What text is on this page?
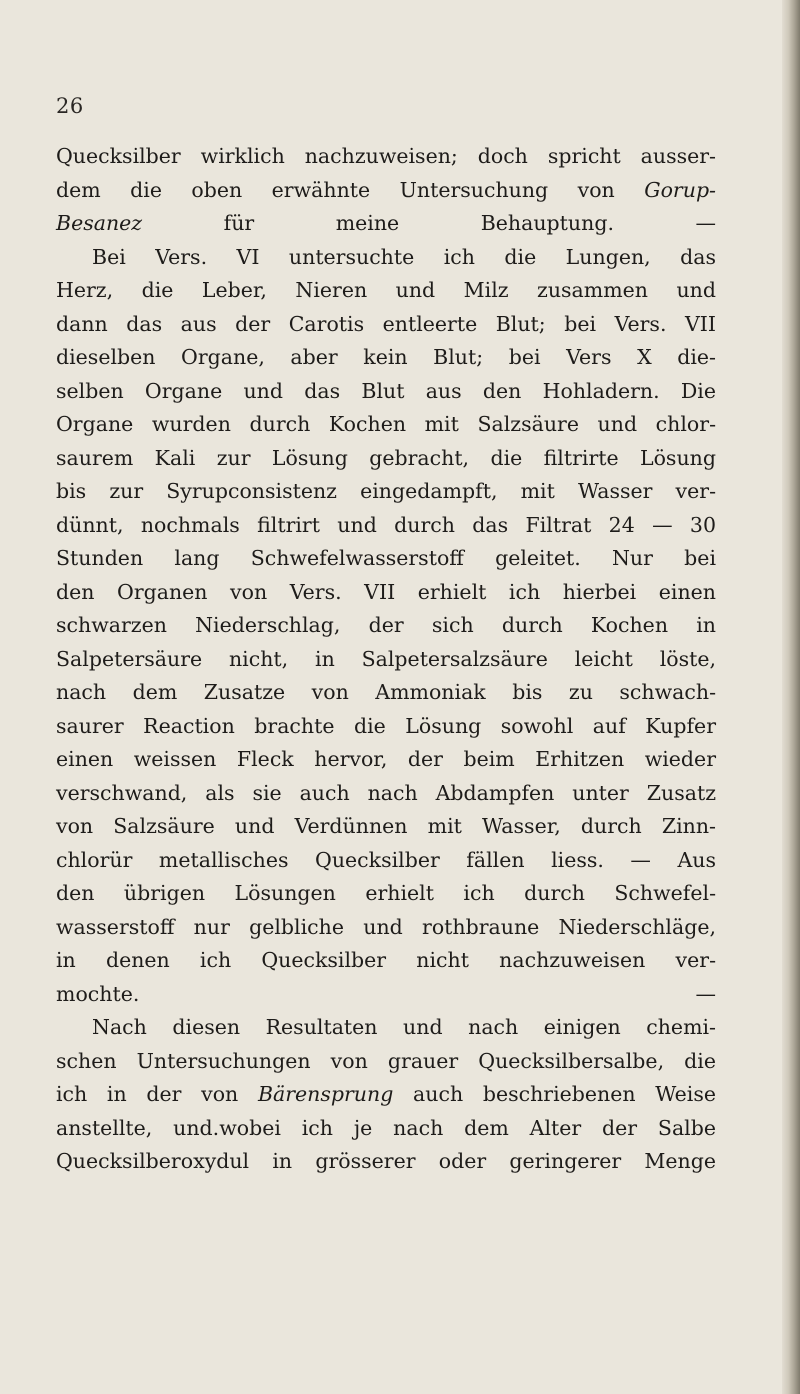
26

Quecksilber wirklich nachzuweisen; doch spricht ausser-
dem die oben erwähnte Untersuchung von Gorup-
Besanez für meine Behauptung. —

Bei Vers. VI untersuchte ich die Lungen, das
Herz, die Leber, Nieren und Milz zusammen und
dann das aus der Carotis entleerte Blut; bei Vers. VII
dieselben Organe, aber kein Blut; bei Vers X die-
selben Organe und das Blut aus den Hohladern. Die
Organe wurden durch Kochen mit Salzsäure und chlor-
saurem Kali zur Lösung gebracht, die filtrirte Lösung
bis zur Syrupconsistenz eingedampft, mit Wasser ver-
dünnt, nochmals filtrirt und durch das Filtrat 24 — 30
Stunden lang Schwefelwasserstoff geleitet. Nur bei
den Organen von Vers. VII erhielt ich hierbei einen
schwarzen Niederschlag, der sich durch Kochen in
Salpetersäure nicht, in Salpetersalzsäure leicht löste,
nach dem Zusatze von Ammoniak bis zu schwach-
saurer Reaction brachte die Lösung sowohl auf Kupfer
einen weissen Fleck hervor, der beim Erhitzen wieder
verschwand, als sie auch nach Abdampfen unter Zusatz
von Salzsäure und Verdünnen mit Wasser, durch Zinn-
chlorür metallisches Quecksilber fällen liess. — Aus
den übrigen Lösungen erhielt ich durch Schwefel-
wasserstoff nur gelbliche und rothbraune Niederschläge,
in denen ich Quecksilber nicht nachzuweisen ver-
mochte. —

Nach diesen Resultaten und nach einigen chemi-
schen Untersuchungen von grauer Quecksilbersalbe, die
ich in der von Bärensprung auch beschriebenen Weise
anstellte, und.wobei ich je nach dem Alter der Salbe
Quecksilberoxydul in grösserer oder geringerer Menge
